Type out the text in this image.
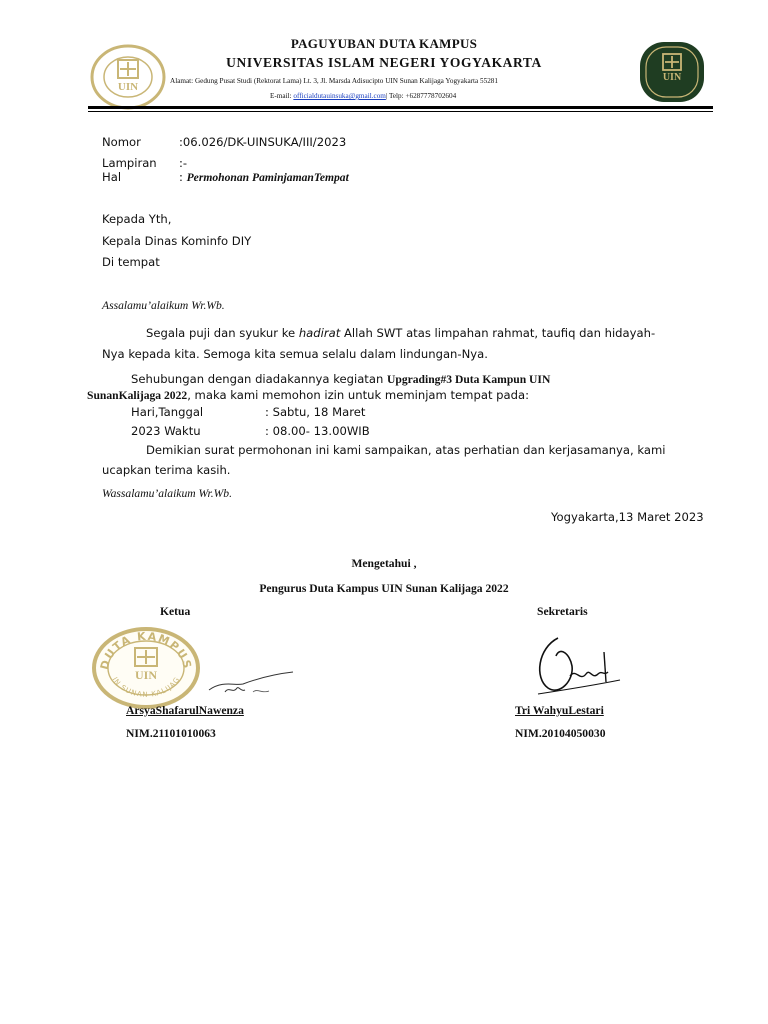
UIN
PAGUYUBAN DUTA KAMPUS
UNIVERSITAS ISLAM NEGERI YOGYAKARTA
Alamat: Gedung Pusat Studi (Rektorat Lama) Lt. 3, Jl. Marsda Adisucipto UIN Sunan Kalijaga Yogyakarta 55281
E-mail: officialdutauinsuka@gmail.com| Telp: +6287778702604
UIN
Nomor	:06.026/DK-UINSUKA/III/2023
Lampiran :-
Hal	: Permohonan PaminjamanTempat
Kepada Yth,
Kepala Dinas Kominfo DIY
Di tempat
Assalamu’alaikum Wr.Wb.
Segala puji dan syukur ke hadirat Allah SWT atas limpahan rahmat, taufiq dan hidayah-
Nya kepada kita. Semoga kita semua selalu dalam lindungan-Nya.
Sehubungan dengan diadakannya kegiatan Upgrading#3 Duta Kampun UIN
SunanKalijaga 2022, maka kami memohon izin untuk meminjam tempat pada:
Hari,Tanggal	: Sabtu, 18 Maret
2023 Waktu	: 08.00- 13.00WIB
Demikian surat permohonan ini kami sampaikan, atas perhatian dan kerjasamanya, kami
ucapkan terima kasih.
Wassalamu’alaikum Wr.Wb.
Yogyakarta,13 Maret 2023
Mengetahui ,
Pengurus Duta Kampus UIN Sunan Kalijaga 2022
Ketua	Sekretaris
DUTA KAMPUS
IN SUNAN KALIJAG
UIN
ArsyaShafarulNawenza	Tri WahyuLestari
NIM.21101010063	NIM.20104050030
